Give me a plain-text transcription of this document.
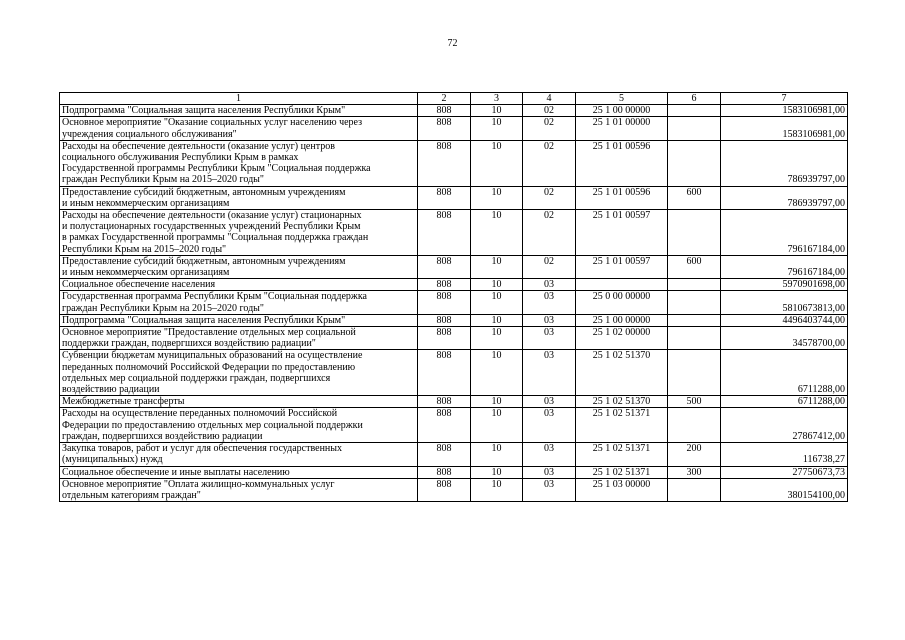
72
1	2	3	4	5	6	7
Подпрограмма "Социальная защита населения Республики Крым"	808	10	02	25 1 00 00000		1583106981,00
Основное мероприятие "Оказание социальных услуг населению через
учреждения социального обслуживания"	808	10	02	25 1 01 00000		1583106981,00
Расходы на обеспечение деятельности (оказание услуг) центров
социального обслуживания Республики Крым в рамках
Государственной программы Республики Крым "Социальная поддержка
граждан Республики Крым на 2015–2020 годы"	808	10	02	25 1 01 00596		786939797,00
Предоставление субсидий бюджетным, автономным учреждениям
и иным некоммерческим организациям	808	10	02	25 1 01 00596	600	786939797,00
Расходы на обеспечение деятельности (оказание услуг) стационарных
и полустационарных государственных учреждений Республики Крым
в рамках Государственной программы "Социальная поддержка граждан
Республики Крым на 2015–2020 годы"	808	10	02	25 1 01 00597		796167184,00
Предоставление субсидий бюджетным, автономным учреждениям
и иным некоммерческим организациям	808	10	02	25 1 01 00597	600	796167184,00
Социальное обеспечение населения	808	10	03			5970901698,00
Государственная программа Республики Крым "Социальная поддержка
граждан Республики Крым на 2015–2020 годы"	808	10	03	25 0 00 00000		5810673813,00
Подпрограмма "Социальная защита населения Республики Крым"	808	10	03	25 1 00 00000		4496403744,00
Основное мероприятие "Предоставление отдельных мер социальной
поддержки граждан, подвергшихся воздействию радиации"	808	10	03	25 1 02 00000		34578700,00
Субвенции бюджетам муниципальных образований на осуществление
переданных полномочий Российской Федерации по предоставлению
отдельных мер социальной поддержки граждан, подвергшихся
воздействию радиации	808	10	03	25 1 02 51370		6711288,00
Межбюджетные трансферты	808	10	03	25 1 02 51370	500	6711288,00
Расходы на осуществление переданных полномочий Российской
Федерации по предоставлению отдельных мер социальной поддержки
граждан, подвергшихся воздействию радиации	808	10	03	25 1 02 51371		27867412,00
Закупка товаров, работ и услуг для обеспечения государственных
(муниципальных) нужд	808	10	03	25 1 02 51371	200	116738,27
Социальное обеспечение и иные выплаты населению	808	10	03	25 1 02 51371	300	27750673,73
Основное мероприятие "Оплата жилищно-коммунальных услуг
отдельным категориям граждан"	808	10	03	25 1 03 00000		380154100,00
